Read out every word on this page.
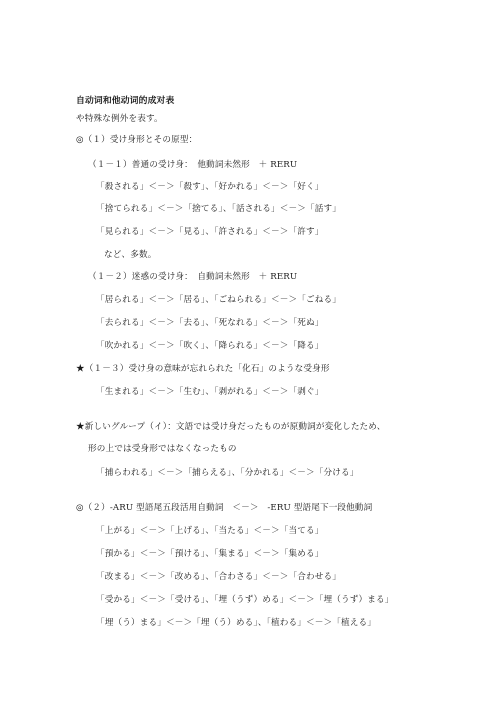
自动词和他动词的成对表
や特殊な例外を表す。
◎（１）受け身形とその原型：
（１－１）普通の受け身：　他動詞未然形　＋ RERU
「殺される」＜－＞「殺す」、「好かれる」＜－＞「好く」
「捨てられる」＜－＞「捨てる」、「話される」＜－＞「話す」
「見られる」＜－＞「見る」、「許される」＜－＞「許す」
など、多数。
（１－２）迷惑の受け身：　自動詞未然形　＋ RERU
「居られる」＜－＞「居る」、「ごねられる」＜－＞「ごねる」
「去られる」＜－＞「去る」、「死なれる」＜－＞「死ぬ」
「吹かれる」＜－＞「吹く」、「降られる」＜－＞「降る」
★（１－３）受け身の意味が忘れられた「化石」のような受身形
「生まれる」＜－＞「生む」、「剥がれる」＜－＞「剥ぐ」
★新しいグループ（イ）：文語では受け身だったものが原動詞が変化したため、
形の上では受身形ではなくなったもの
「捕らわれる」＜－＞「捕らえる」、「分かれる」＜－＞「分ける」
◎（２）-ARU 型語尾五段活用自動詞　＜－＞　-ERU 型語尾下一段他動詞
「上がる」＜－＞「上げる」、「当たる」＜－＞「当てる」
「預かる」＜－＞「預ける」、「集まる」＜－＞「集める」
「改まる」＜－＞「改める」、「合わさる」＜－＞「合わせる」
「受かる」＜－＞「受ける」、「埋（うず）める」＜－＞「埋（うず）まる」
「埋（う）まる」＜－＞「埋（う）める」、「植わる」＜－＞「植える」
